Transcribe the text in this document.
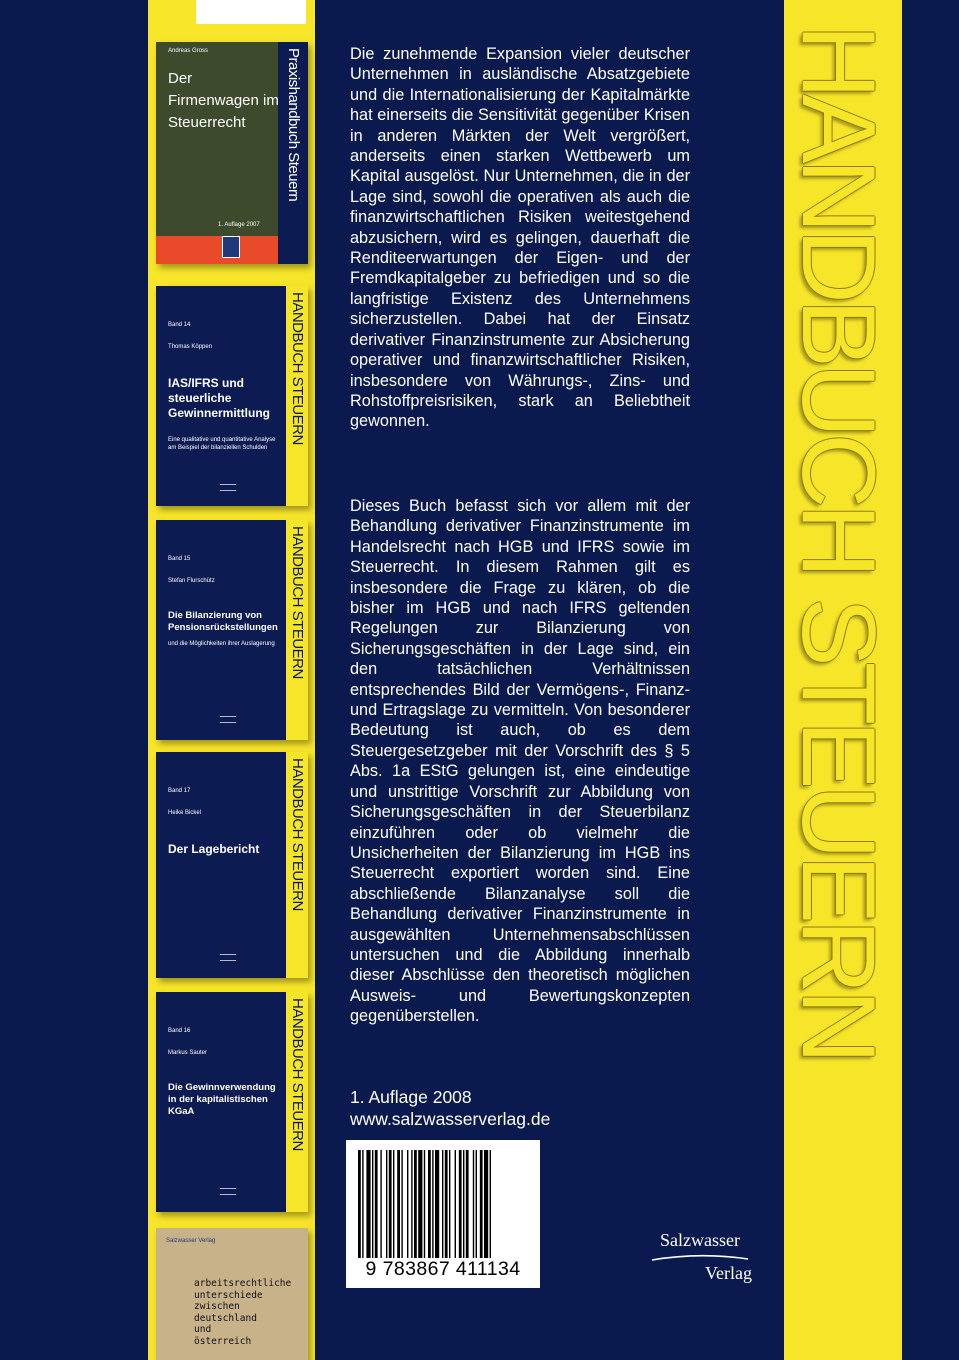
Praxishandbuch Steuern
Andreas Gross
Der Firmenwagen im Steuerrecht
1. Auflage 2007
HANDBUCH STEUERN
Band 14
Thomas Köppen
IAS/IFRS und steuerliche Gewinnermittlung
Eine qualitative und quantitative Analyse am Beispiel der bilanziellen Schulden
HANDBUCH STEUERN
Band 15
Stefan Flurschütz
Die Bilanzierung von Pensionsrückstellungen
und die Möglichkeiten ihrer Auslagerung
HANDBUCH STEUERN
Band 17
Heike Bickel
Der Lagebericht
HANDBUCH STEUERN
Band 16
Markus Sauter
Die Gewinnverwendung in der kapitalistischen KGaA
Salzwasser Verlag
arbeitsrechtliche
unterschiede
zwischen
deutschland
und
österreich
Die zunehmende Expansion vieler deutscher Unternehmen in ausländische Absatzgebiete und die Internationalisierung der Kapitalmärkte hat einerseits die Sensitivität gegenüber Krisen in anderen Märkten der Welt vergrößert, anderseits einen starken Wettbewerb um Kapital ausgelöst. Nur Unternehmen, die in der Lage sind, sowohl die operativen als auch die finanzwirtschaftlichen Risiken weitestgehend abzusichern, wird es gelingen, dauerhaft die Renditeerwartungen der Eigen- und der Fremdkapitalgeber zu befriedigen und so die langfristige Existenz des Unternehmens sicherzustellen. Dabei hat der Einsatz derivativer Finanzinstrumente zur Absicherung operativer und finanzwirtschaftlicher Risiken, insbesondere von Währungs-, Zins- und Rohstoffpreisrisiken, stark an Beliebtheit gewonnen.
Dieses Buch befasst sich vor allem mit der Behandlung derivativer Finanzinstrumente im Handelsrecht nach HGB und IFRS sowie im Steuerrecht. In diesem Rahmen gilt es insbesondere die Frage zu klären, ob die bisher im HGB und nach IFRS geltenden Regelungen zur Bilanzierung von Sicherungsgeschäften in der Lage sind, ein den tatsächlichen Verhältnissen entsprechendes Bild der Vermögens-, Finanz- und Ertragslage zu vermitteln. Von besonderer Bedeutung ist auch, ob es dem Steuergesetzgeber mit der Vorschrift des § 5 Abs. 1a EStG gelungen ist, eine eindeutige und unstrittige Vorschrift zur Abbildung von Sicherungsgeschäften in der Steuerbilanz einzuführen oder ob vielmehr die Unsicherheiten der Bilanzierung im HGB ins Steuerrecht exportiert worden sind. Eine abschließende Bilanzanalyse soll die Behandlung derivativer Finanzinstrumente in ausgewählten Unternehmensabschlüssen untersuchen und die Abbildung innerhalb dieser Abschlüsse den theoretisch möglichen Ausweis- und Bewertungskonzepten gegenüberstellen.
1. Auflage 2008
www.salzwasserverlag.de
9 783867 411134
Salzwasser
Verlag
HANDBUCH STEUERN
